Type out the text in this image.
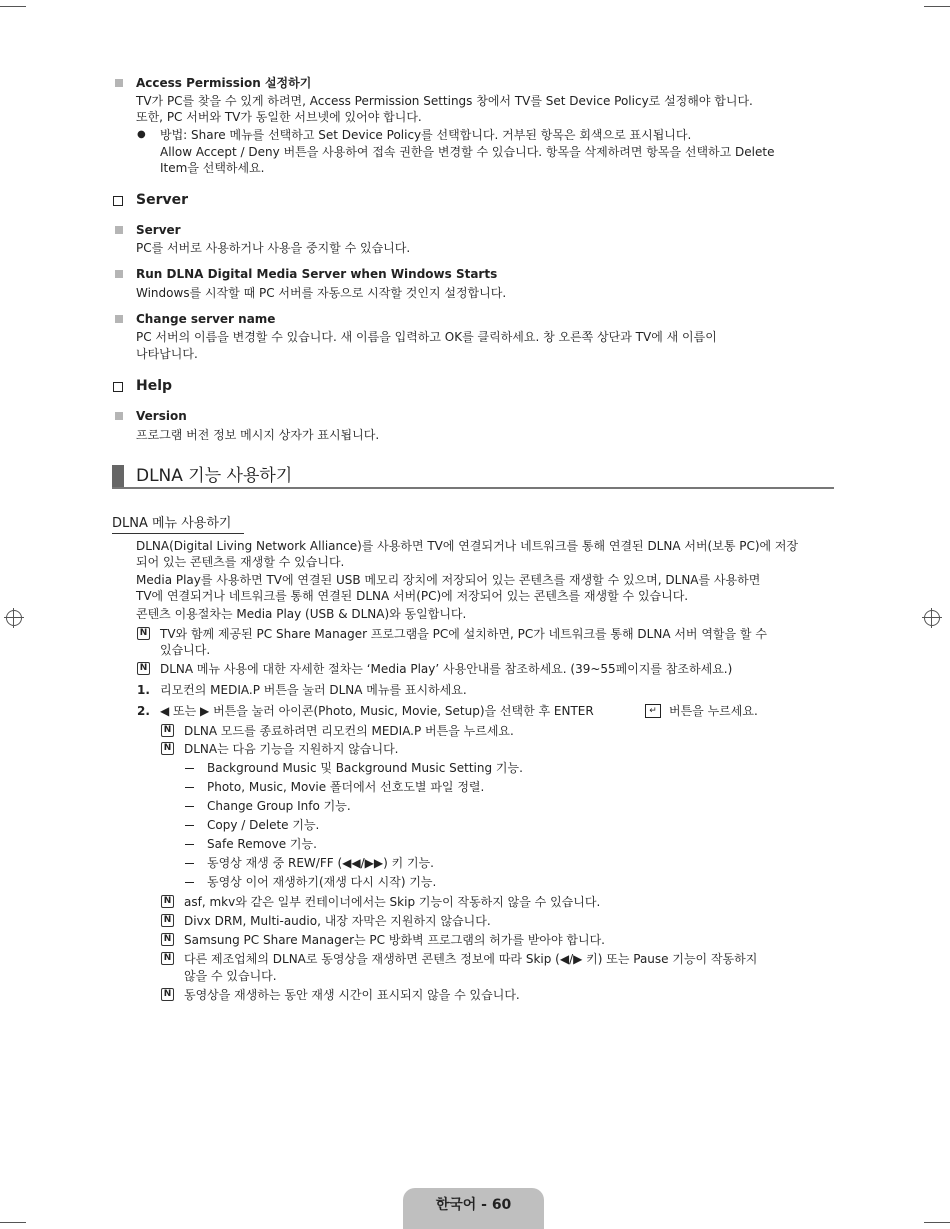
Access Permission 설정하기
TV가 PC를 찾을 수 있게 하려면, Access Permission Settings 창에서 TV를 Set Device Policy로 설정해야 합니다.
또한, PC 서버와 TV가 동일한 서브넷에 있어야 합니다.
● 방법: Share 메뉴를 선택하고 Set Device Policy를 선택합니다. 거부된 항목은 회색으로 표시됩니다.
Allow Accept / Deny 버튼을 사용하여 접속 권한을 변경할 수 있습니다. 항목을 삭제하려면 항목을 선택하고 Delete
Item을 선택하세요.
Server
Server
PC를 서버로 사용하거나 사용을 중지할 수 있습니다.
Run DLNA Digital Media Server when Windows Starts
Windows를 시작할 때 PC 서버를 자동으로 시작할 것인지 설정합니다.
Change server name
PC 서버의 이름을 변경할 수 있습니다. 새 이름을 입력하고 OK를 클릭하세요. 창 오른쪽 상단과 TV에 새 이름이
나타납니다.
Help
Version
프로그램 버전 정보 메시지 상자가 표시됩니다.
DLNA 기능 사용하기
DLNA 메뉴 사용하기
DLNA(Digital Living Network Alliance)를 사용하면 TV에 연결되거나 네트워크를 통해 연결된 DLNA 서버(보통 PC)에 저장
되어 있는 콘텐츠를 재생할 수 있습니다.
Media Play를 사용하면 TV에 연결된 USB 메모리 장치에 저장되어 있는 콘텐츠를 재생할 수 있으며, DLNA를 사용하면
TV에 연결되거나 네트워크를 통해 연결된 DLNA 서버(PC)에 저장되어 있는 콘텐츠를 재생할 수 있습니다.
콘텐츠 이용절차는 Media Play (USB & DLNA)와 동일합니다.
N TV와 함께 제공된 PC Share Manager 프로그램을 PC에 설치하면, PC가 네트워크를 통해 DLNA 서버 역할을 할 수
있습니다.
N DLNA 메뉴 사용에 대한 자세한 절차는 ‘Media Play’ 사용안내를 참조하세요. (39~55페이지를 참조하세요.)
1. 리모컨의 MEDIA.P 버튼을 눌러 DLNA 메뉴를 표시하세요.
2. ◀ 또는 ▶ 버튼을 눌러 아이콘(Photo, Music, Movie, Setup)을 선택한 후 ENTER	↵	버튼을 누르세요.
N DLNA 모드를 종료하려면 리모컨의 MEDIA.P 버튼을 누르세요.
N DLNA는 다음 기능을 지원하지 않습니다.
Background Music 및 Background Music Setting 기능.
Photo, Music, Movie 폴더에서 선호도별 파일 정렬.
Change Group Info 기능.
Copy / Delete 기능.
Safe Remove 기능.
동영상 재생 중 REW/FF (◀◀/▶▶) 키 기능.
동영상 이어 재생하기(재생 다시 시작) 기능.
N asf, mkv와 같은 일부 컨테이너에서는 Skip 기능이 작동하지 않을 수 있습니다.
N Divx DRM, Multi-audio, 내장 자막은 지원하지 않습니다.
N Samsung PC Share Manager는 PC 방화벽 프로그램의 허가를 받아야 합니다.
N 다른 제조업체의 DLNA로 동영상을 재생하면 콘텐츠 정보에 따라 Skip (◀/▶ 키) 또는 Pause 기능이 작동하지
않을 수 있습니다.
N 동영상을 재생하는 동안 재생 시간이 표시되지 않을 수 있습니다.
한국어 - 60
